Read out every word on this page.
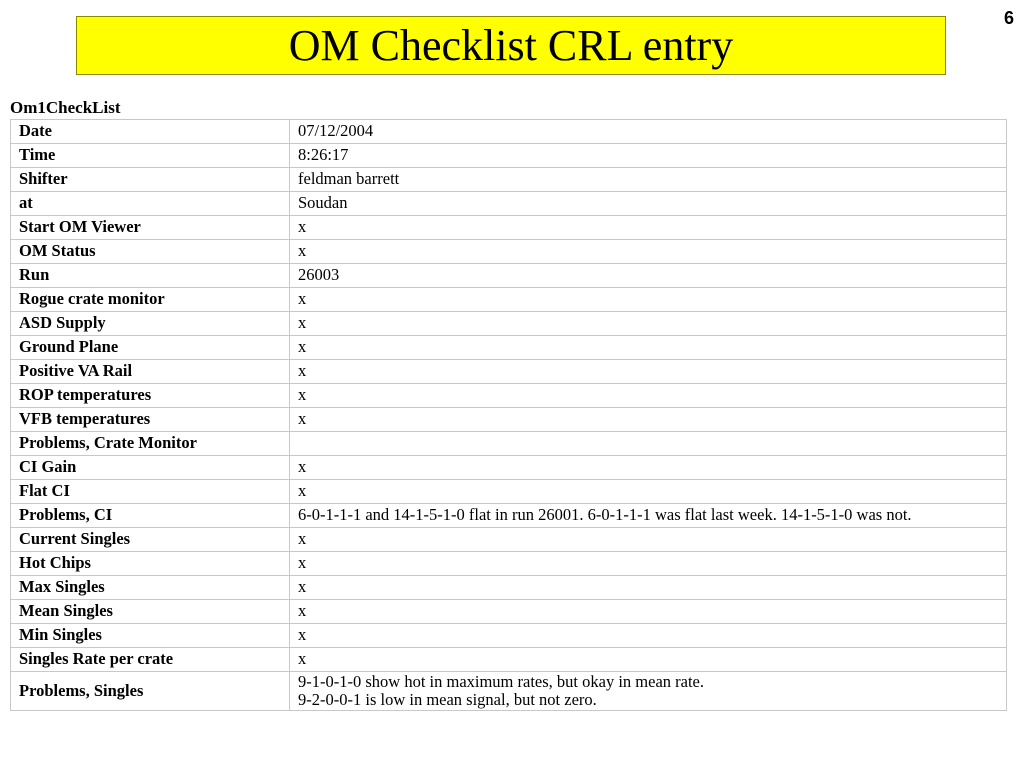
6
OM Checklist CRL entry
Om1CheckList
Date	07/12/2004
Time	8:26:17
Shifter	feldman barrett
at	Soudan
Start OM Viewer	x
OM Status	x
Run	26003
Rogue crate monitor	x
ASD Supply	x
Ground Plane	x
Positive VA Rail	x
ROP temperatures	x
VFB temperatures	x
Problems, Crate Monitor	
CI Gain	x
Flat CI	x
Problems, CI	6-0-1-1-1 and 14-1-5-1-0 flat in run 26001. 6-0-1-1-1 was flat last week. 14-1-5-1-0 was not.
Current Singles	x
Hot Chips	x
Max Singles	x
Mean Singles	x
Min Singles	x
Singles Rate per crate	x
Problems, Singles	9-1-0-1-0 show hot in maximum rates, but okay in mean rate.
9-2-0-0-1 is low in mean signal, but not zero.
